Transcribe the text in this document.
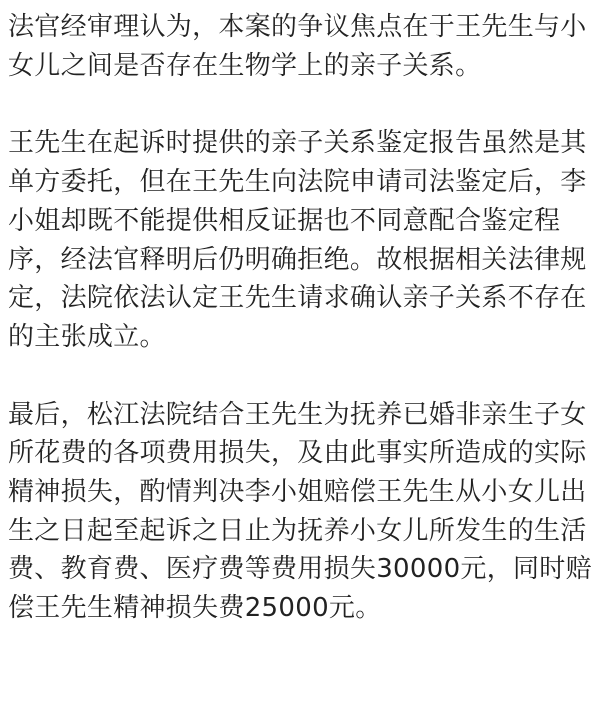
法官经审理认为，本案的争议焦点在于王先生与小
女儿之间是否存在生物学上的亲子关系。
王先生在起诉时提供的亲子关系鉴定报告虽然是其
单方委托，但在王先生向法院申请司法鉴定后，李
小姐却既不能提供相反证据也不同意配合鉴定程
序，经法官释明后仍明确拒绝。故根据相关法律规
定，法院依法认定王先生请求确认亲子关系不存在
的主张成立。
最后，松江法院结合王先生为抚养已婚非亲生子女
所花费的各项费用损失，及由此事实所造成的实际
精神损失，酌情判决李小姐赔偿王先生从小女儿出
生之日起至起诉之日止为抚养小女儿所发生的生活
费、教育费、医疗费等费用损失30000元，同时赔
偿王先生精神损失费25000元。
